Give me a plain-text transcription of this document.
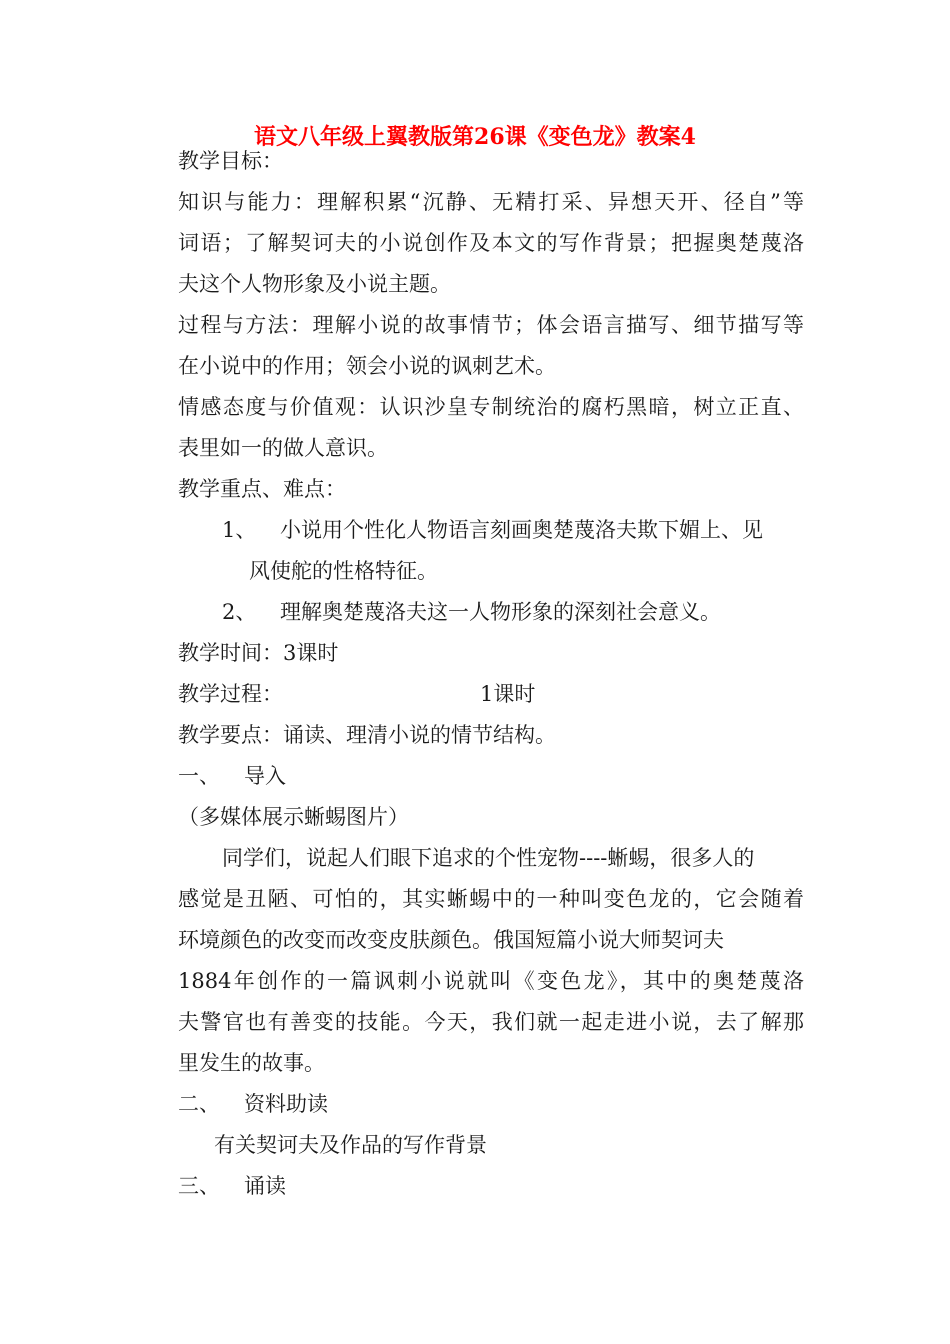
语文八年级上翼教版第26课《变色龙》教案4
教学目标：
知识与能力：理解积累“沉静、无精打采、异想天开、径自”等
词语；了解契诃夫的小说创作及本文的写作背景；把握奥楚蔑洛
夫这个人物形象及小说主题。
过程与方法：理解小说的故事情节；体会语言描写、细节描写等
在小说中的作用；领会小说的讽刺艺术。
情感态度与价值观：认识沙皇专制统治的腐朽黑暗，树立正直、
表里如一的做人意识。
教学重点、难点：
1、 小说用个性化人物语言刻画奥楚蔑洛夫欺下媚上、见
风使舵的性格特征。
2、 理解奥楚蔑洛夫这一人物形象的深刻社会意义。
教学时间：3课时
教学过程：	1课时
教学要点：诵读、理清小说的情节结构。
一、 导入
（多媒体展示蜥蜴图片）
同学们，说起人们眼下追求的个性宠物----蜥蜴，很多人的
感觉是丑陋、可怕的，其实蜥蜴中的一种叫变色龙的，它会随着
环境颜色的改变而改变皮肤颜色。俄国短篇小说大师契诃夫
1884年创作的一篇讽刺小说就叫《变色龙》，其中的奥楚蔑洛
夫警官也有善变的技能。今天，我们就一起走进小说，去了解那
里发生的故事。
二、 资料助读
有关契诃夫及作品的写作背景
三、 诵读
